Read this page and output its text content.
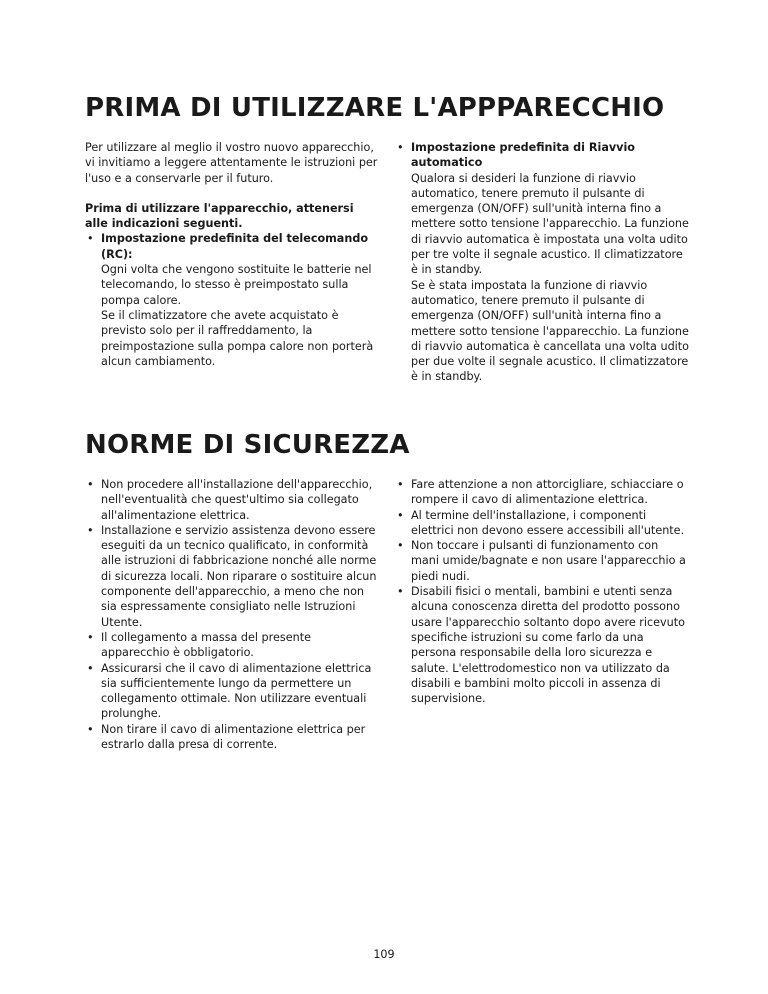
PRIMA DI UTILIZZARE L'APPPARECCHIO

Per utilizzare al meglio il vostro nuovo apparecchio, vi invitiamo a leggere attentamente le istruzioni per l'uso e a conservarle per il futuro.

Prima di utilizzare l'apparecchio, attenersi alle indicazioni seguenti.

• Impostazione predefinita del telecomando (RC):
Ogni volta che vengono sostituite le batterie nel telecomando, lo stesso è preimpostato sulla pompa calore.
Se il climatizzatore che avete acquistato è previsto solo per il raffreddamento, la preimpostazione sulla pompa calore non porterà alcun cambiamento.
• Impostazione predefinita di Riavvio automatico
Qualora si desideri la funzione di riavvio automatico, tenere premuto il pulsante di emergenza (ON/OFF) sull'unità interna fino a mettere sotto tensione l'apparecchio. La funzione di riavvio automatica è impostata una volta udito per tre volte il segnale acustico. Il climatizzatore è in standby.
Se è stata impostata la funzione di riavvio automatico, tenere premuto il pulsante di emergenza (ON/OFF) sull'unità interna fino a mettere sotto tensione l'apparecchio. La funzione di riavvio automatica è cancellata una volta udito per due volte il segnale acustico. Il climatizzatore è in standby.
NORME DI SICUREZZA
• Non procedere all'installazione dell'apparecchio, nell'eventualità che quest'ultimo sia collegato all'alimentazione elettrica.
• Installazione e servizio assistenza devono essere eseguiti da un tecnico qualificato, in conformità alle istruzioni di fabbricazione nonché alle norme di sicurezza locali. Non riparare o sostituire alcun componente dell'apparecchio, a meno che non sia espressamente consigliato nelle Istruzioni Utente.
• Il collegamento a massa del presente apparecchio è obbligatorio.
• Assicurarsi che il cavo di alimentazione elettrica sia sufficientemente lungo da permettere un collegamento ottimale. Non utilizzare eventuali prolunghe.
• Non tirare il cavo di alimentazione elettrica per estrarlo dalla presa di corrente.
• Fare attenzione a non attorcigliare, schiacciare o rompere il cavo di alimentazione elettrica.
• Al termine dell'installazione, i componenti elettrici non devono essere accessibili all'utente.
• Non toccare i pulsanti di funzionamento con mani umide/bagnate e non usare l'apparecchio a piedi nudi.
• Disabili fisici o mentali, bambini e utenti senza alcuna conoscenza diretta del prodotto possono usare l'apparecchio soltanto dopo avere ricevuto specifiche istruzioni su come farlo da una persona responsabile della loro sicurezza e salute. L'elettrodomestico non va utilizzato da disabili e bambini molto piccoli in assenza di supervisione.
109
